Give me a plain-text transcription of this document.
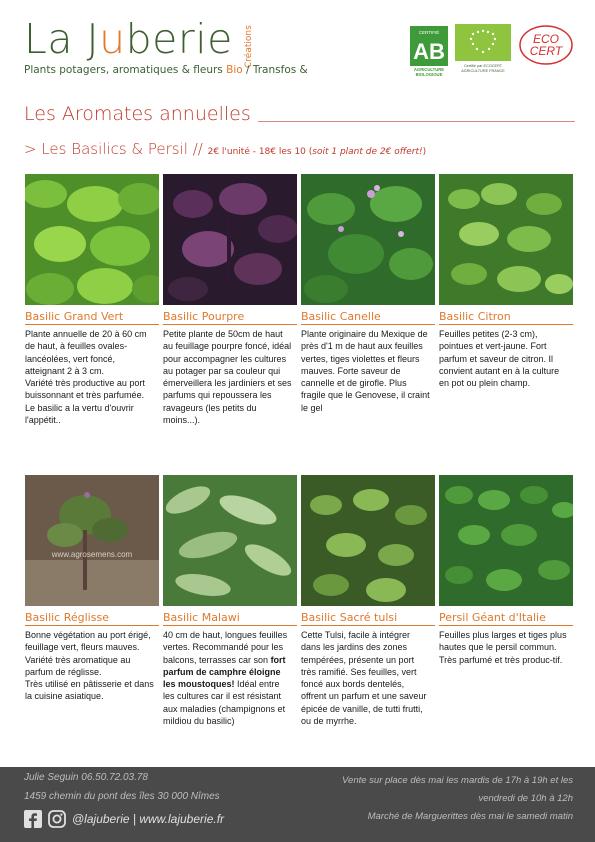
La Juberie Créations
Plants potagers, aromatiques & fleurs Bio / Transfos &
CERTIFIÉ
AB
AGRICULTURE
BIOLOGIQUE
Certifié par ECOCERT
AGRICULTURE FRANCE
ECO
CERT
Les Aromates annuelles
> Les Basilics & Persil // 2€ l'unité - 18€ les 10 (soit 1 plant de 2€ offert!)
Basilic Grand Vert

Plante annuelle de 20 à 60 cm de haut, à feuilles ovales-lancéolées, vert foncé, atteignant 2 à 3 cm.

Variété très productive au port buissonnant et très parfumée. Le basilic a la vertu d'ouvrir l'appétit..

Basilic Pourpre

Petite plante de 50cm de haut au feuillage pourpre foncé, idéal pour accompagner les cultures au potager par sa couleur qui émerveillera les jardiniers et ses parfums qui repoussera les ravageurs (les petits du moins...).

Basilic Canelle

Plante originaire du Mexique de près d'1 m de haut aux feuilles vertes, tiges violettes et fleurs mauves. Forte saveur de cannelle et de girofle. Plus fragile que le Genovese, il craint le gel

Basilic Citron

Feuilles petites (2-3 cm), pointues et vert-jaune. Fort parfum et saveur de citron. Il convient autant en à la culture en pot ou plein champ.

www.agrosemens.com
Basilic Réglisse

Bonne végétation au port érigé, feuillage vert, fleurs mauves.

Variété très aromatique au parfum de réglisse.

Très utilisé en pâtisserie et dans la cuisine asiatique.

Basilic Malawi

40 cm de haut, longues feuilles vertes. Recommandé pour les balcons, terrasses car son fort parfum de camphre éloigne les moustoques! Idéal entre les cultures car il est résistant aux maladies (champignons et mildiou du basilic)

Basilic Sacré tulsi

Cette Tulsi, facile à intégrer dans les jardins des zones tempérées, présente un port très ramifié. Ses feuilles, vert foncé aux bords dentelés, offrent un parfum et une saveur épicée de vanille, de tutti frutti, ou de myrrhe.

Persil Géant d'Italie

Feuilles plus larges et tiges plus hautes que le persil commun.

Très parfumé et très produc-tif.

Julie Seguin 06.50.72.03.78
1459 chemin du pont des îles 30 000 Nîmes
@lajuberie | www.lajuberie.fr
Vente sur place dès mai les mardis de 17h à 19h et les
vendredi de 10h à 12h
Marché de Marguerittes dès mai le samedi matin
